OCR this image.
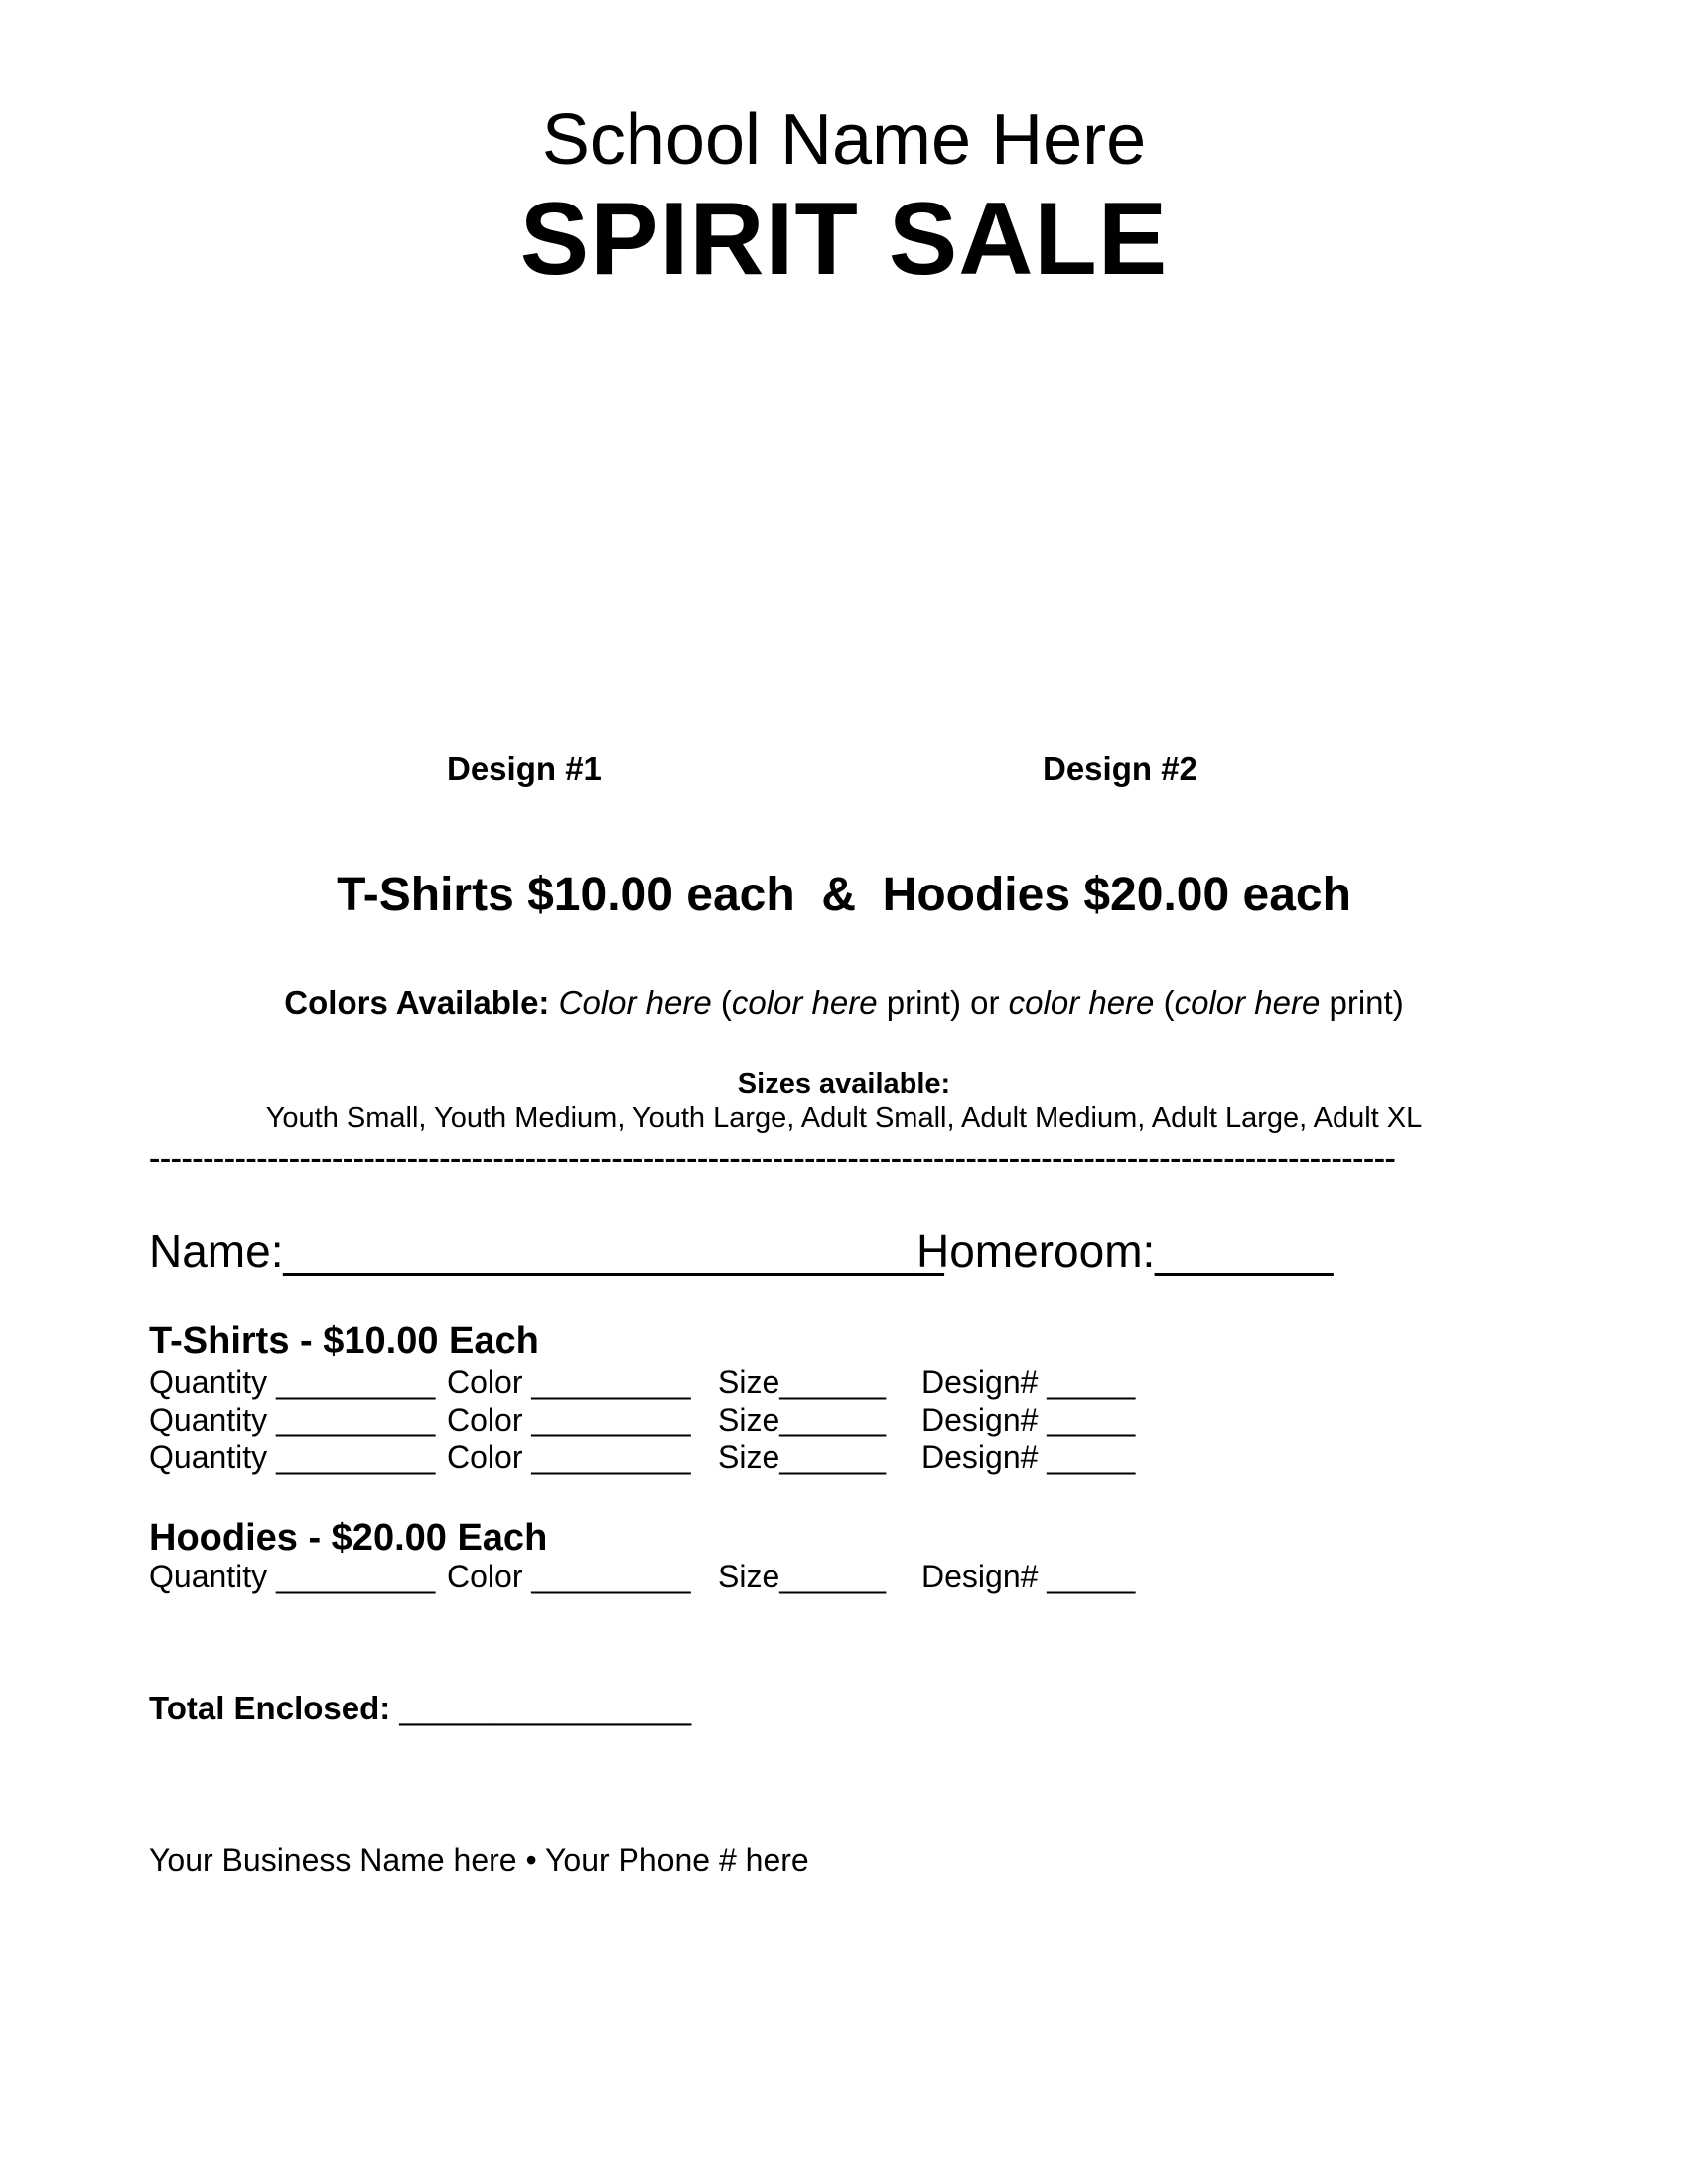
School Name Here
SPIRIT SALE
Design #1	Design #2
T-Shirts $10.00 each  &  Hoodies $20.00 each
Colors Available: Color here (color here print) or color here (color here print)
Sizes available:
Youth Small, Youth Medium, Youth Large, Adult Small, Adult Medium, Adult Large, Adult XL
--------------------------------------------------------------------------------------------------------------------
Name:__________________________
Homeroom:_______
T-Shirts - $10.00 Each
Quantity _________ Color _________ Size______ Design# _____
Quantity _________ Color _________ Size______ Design# _____
Quantity _________ Color _________ Size______ Design# _____
Hoodies - $20.00 Each
Quantity _________ Color _________ Size______ Design# _____
Total Enclosed: ________________
Your Business Name here • Your Phone # here
